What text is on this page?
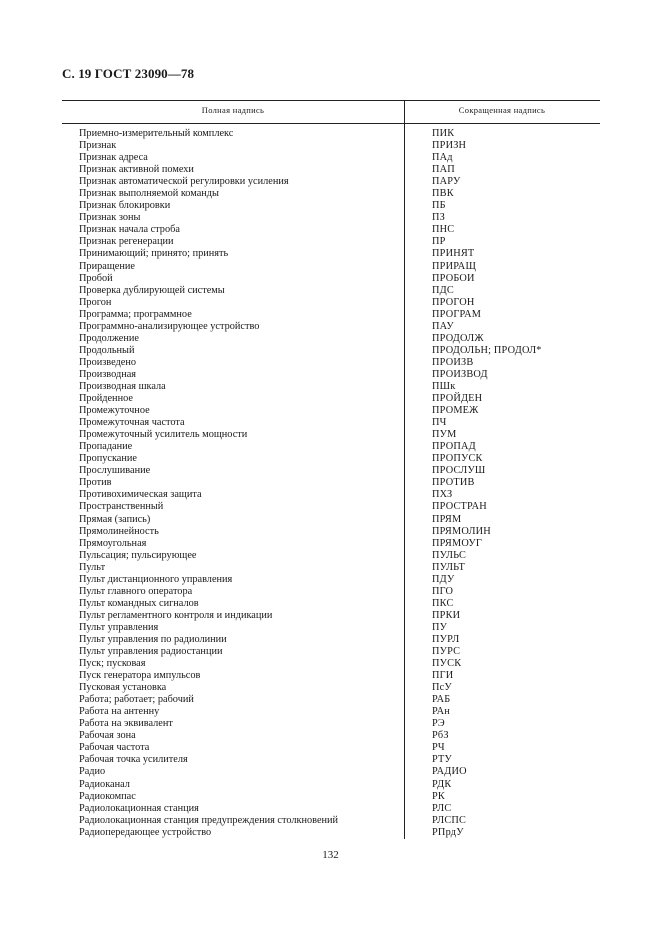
С. 19 ГОСТ 23090—78
Полная надпись	Сокращенная надпись
Приемно-измерительный комплекс	ПИК
Признак	ПРИЗН
Признак адреса	ПАд
Признак активной помехи	ПАП
Признак автоматической регулировки усиления	ПАРУ
Признак выполняемой команды	ПВК
Признак блокировки	ПБ
Признак зоны	ПЗ
Признак начала строба	ПНС
Признак регенерации	ПР
Принимающий; принято; принять	ПРИНЯТ
Приращение	ПРИРАЩ
Пробой	ПРОБОИ
Проверка дублирующей системы	ПДС
Прогон	ПРОГОН
Программа; программное	ПРОГРАМ
Программно-анализирующее устройство	ПАУ
Продолжение	ПРОДОЛЖ
Продольный	ПРОДОЛЬН; ПРОДОЛ*
Произведено	ПРОИЗВ
Производная	ПРОИЗВОД
Производная шкала	ПШк
Пройденное	ПРОЙДЕН
Промежуточное	ПРОМЕЖ
Промежуточная частота	ПЧ
Промежуточный усилитель мощности	ПУМ
Пропадание	ПРОПАД
Пропускание	ПРОПУСК
Прослушивание	ПРОСЛУШ
Против	ПРОТИВ
Противохимическая защита	ПХЗ
Пространственный	ПРОСТРАН
Прямая (запись)	ПРЯМ
Прямолинейность	ПРЯМОЛИН
Прямоугольная	ПРЯМОУГ
Пульсация; пульсирующее	ПУЛЬС
Пульт	ПУЛЬТ
Пульт дистанционного управления	ПДУ
Пульт главного оператора	ПГО
Пульт командных сигналов	ПКС
Пульт регламентного контроля и индикации	ПРКИ
Пульт управления	ПУ
Пульт управления по радиолинии	ПУРЛ
Пульт управления радиостанции	ПУРС
Пуск; пусковая	ПУСК
Пуск генератора импульсов	ПГИ
Пусковая установка	ПсУ
Работа; работает; рабочий	РАБ
Работа на антенну	РАн
Работа на эквивалент	РЭ
Рабочая зона	РбЗ
Рабочая частота	РЧ
Рабочая точка усилителя	РТУ
Радио	РАДИО
Радиоканал	РДК
Радиокомпас	РК
Радиолокационная станция	РЛС
Радиолокационная станция предупреждения столкновений	РЛСПС
Радиопередающее устройство	РПрдУ
132
